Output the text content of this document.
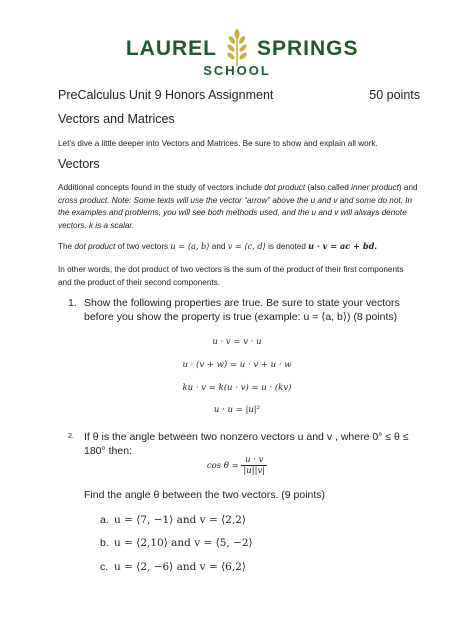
LAUREL SPRINGS
SCHOOL
PreCalculus Unit 9 Honors Assignment	50 points
Vectors and Matrices
Let’s dive a little deeper into Vectors and Matrices. Be sure to show and explain all work.
Vectors
Additional concepts found in the study of vectors include dot product (also called inner product) and cross product. Note: Some texts will use the vector “arrow” above the u and v and some do not. In the examples and problems, you will see both methods used, and the u and v will always denote vectors. k is a scalar.
The dot product of two vectors u = ⟨a, b⟩ and v = ⟨c, d⟩ is denoted u · v = ac + bd.
In other words, the dot product of two vectors is the sum of the product of their first components and the product of their second components.
1. Show the following properties are true. Be sure to state your vectors
before you show the property is true (example: u = ⟨a, b⟩) (8 points)
u · v = v · u
u · (v + w) = u · v + u · w
ku · v = k(u · v) = u · (kv)
u · u = |u|²
2. If θ is the angle between two nonzero vectors u and v , where 0° ≤ θ ≤
180° then:
$\cos \theta = \frac{u \cdot v}{|u||v|}$
Find the angle θ between the two vectors. (9 points)
a. u = ⟨7, −1⟩ and v = ⟨2,2⟩
b. u = ⟨2,10⟩ and v = ⟨5, −2⟩
c. u = ⟨2, −6⟩ and v = ⟨6,2⟩
